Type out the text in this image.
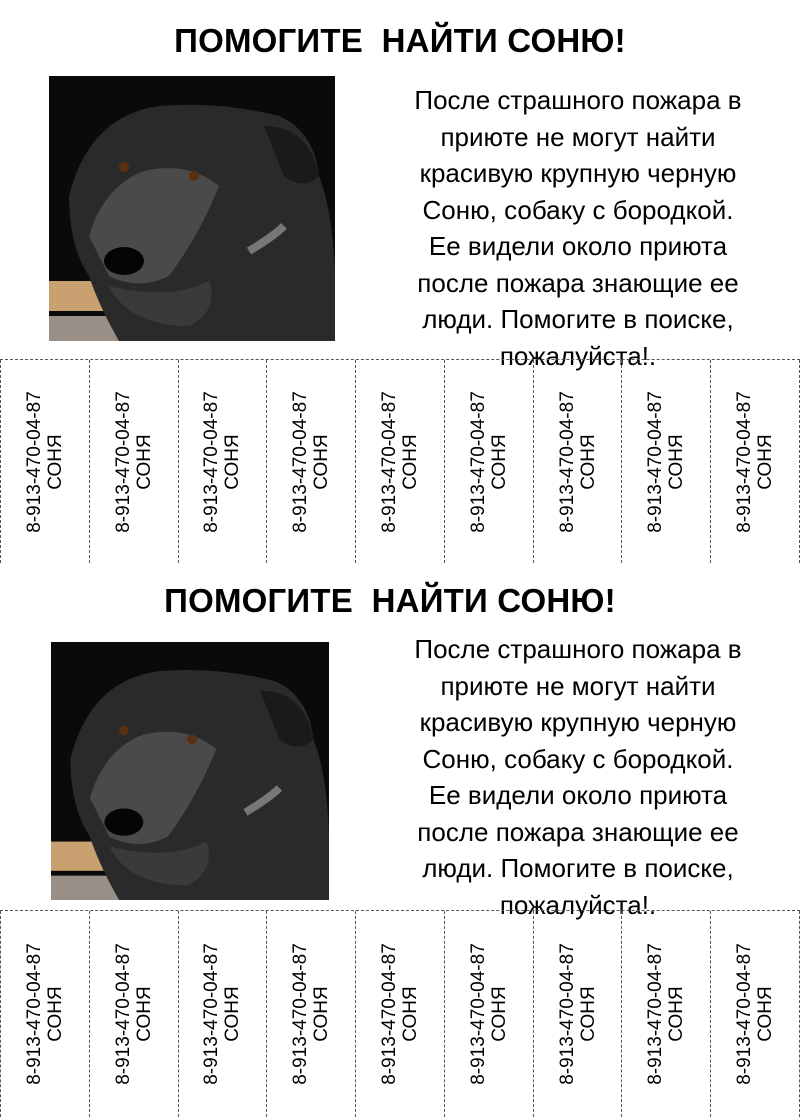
ПОМОГИТЕ  НАЙТИ СОНЮ!
После страшного пожара в
приюте не могут найти
красивую крупную черную
Соню, собаку с бородкой.
Ее видели около приюта
после пожара знающие ее
люди. Помогите в поиске,
пожалуйста!.
8-913-470-04-87 СОНЯ 8-913-470-04-87 СОНЯ 8-913-470-04-87 СОНЯ 8-913-470-04-87 СОНЯ 8-913-470-04-87 СОНЯ 8-913-470-04-87 СОНЯ 8-913-470-04-87 СОНЯ 8-913-470-04-87 СОНЯ 8-913-470-04-87 СОНЯ
ПОМОГИТЕ  НАЙТИ СОНЮ!
После страшного пожара в
приюте не могут найти
красивую крупную черную
Соню, собаку с бородкой.
Ее видели около приюта
после пожара знающие ее
люди. Помогите в поиске,
пожалуйста!.
8-913-470-04-87 СОНЯ 8-913-470-04-87 СОНЯ 8-913-470-04-87 СОНЯ 8-913-470-04-87 СОНЯ 8-913-470-04-87 СОНЯ 8-913-470-04-87 СОНЯ 8-913-470-04-87 СОНЯ 8-913-470-04-87 СОНЯ 8-913-470-04-87 СОНЯ
